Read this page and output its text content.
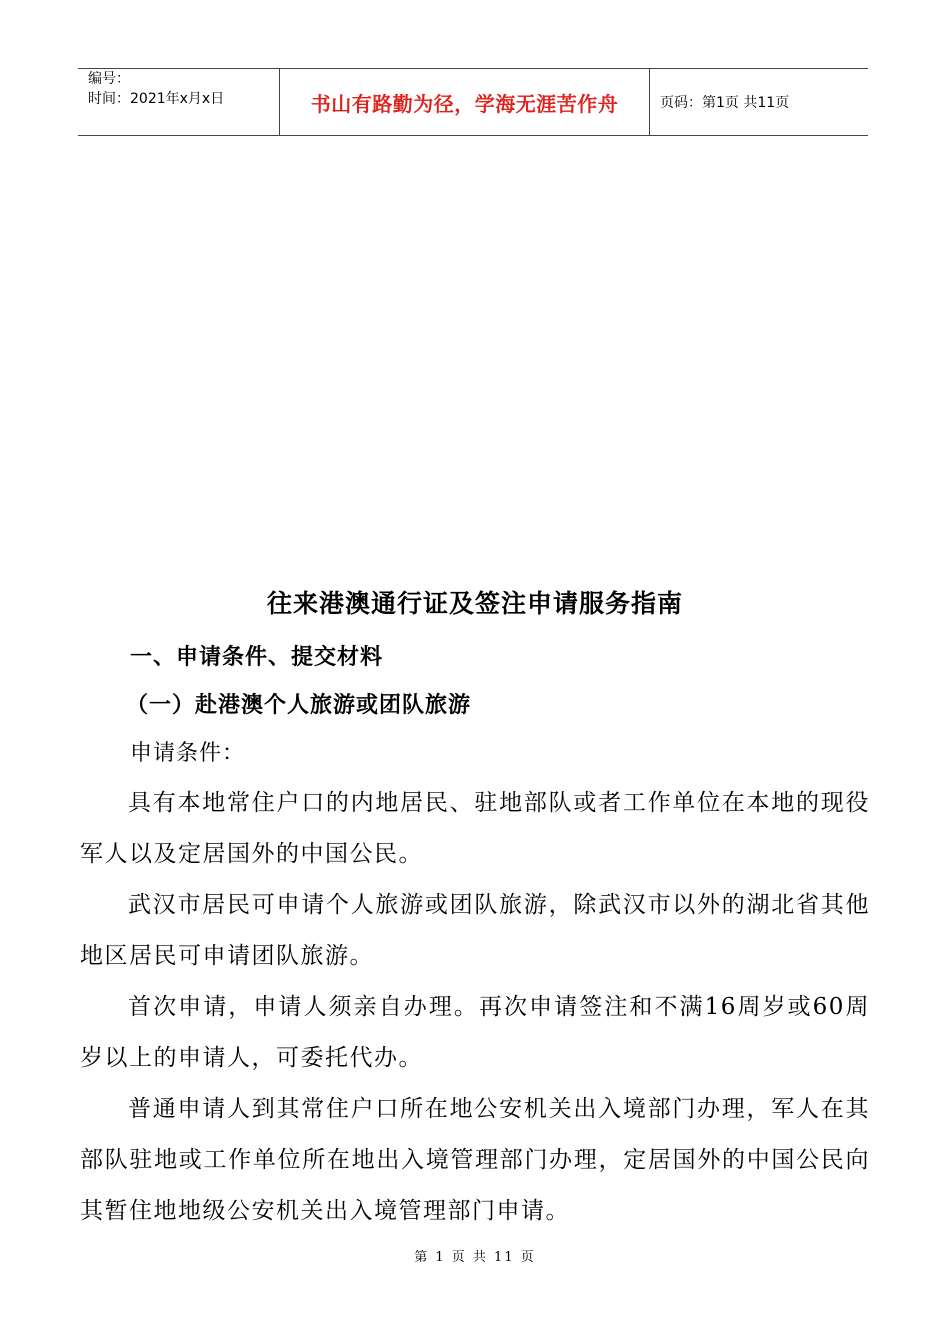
编号：
时间：2021年x月x日	书山有路勤为径，学海无涯苦作舟	页码：第1页 共11页
往来港澳通行证及签注申请服务指南
一、申请条件、提交材料
（一）赴港澳个人旅游或团队旅游
申请条件：
具有本地常住户口的内地居民、驻地部队或者工作单位在本地的现役军人以及定居国外的中国公民。
武汉市居民可申请个人旅游或团队旅游，除武汉市以外的湖北省其他地区居民可申请团队旅游。
首次申请，申请人须亲自办理。再次申请签注和不满16周岁或60周岁以上的申请人，可委托代办。
普通申请人到其常住户口所在地公安机关出入境部门办理，军人在其部队驻地或工作单位所在地出入境管理部门办理，定居国外的中国公民向其暂住地地级公安机关出入境管理部门申请。
第 1 页 共 11 页
